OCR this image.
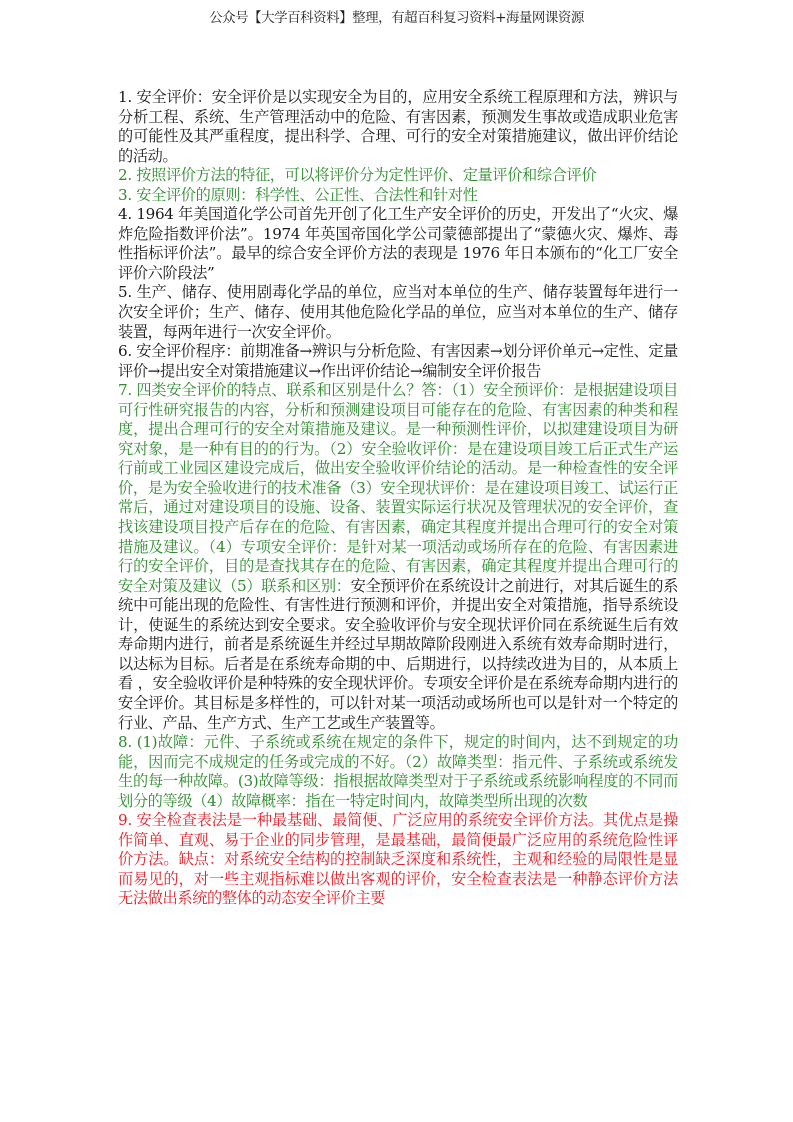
公众号【大学百科资料】整理，有超百科复习资料+海量网课资源

1. 安全评价：安全评价是以实现安全为目的，应用安全系统工程原理和方法，辨识与分析工程、系统、生产管理活动中的危险、有害因素，预测发生事故或造成职业危害的可能性及其严重程度，提出科学、合理、可行的安全对策措施建议，做出评价结论的活动。

2. 按照评价方法的特征，可以将评价分为定性评价、定量评价和综合评价

3. 安全评价的原则：科学性、公正性、合法性和针对性

4. 1964 年美国道化学公司首先开创了化工生产安全评价的历史，开发出了“火灾、爆炸危险指数评价法”。1974 年英国帝国化学公司蒙德部提出了“蒙德火灾、爆炸、毒性指标评价法”。最早的综合安全评价方法的表现是 1976 年日本颁布的“化工厂安全评价六阶段法”

5. 生产、储存、使用剧毒化学品的单位，应当对本单位的生产、储存装置每年进行一次安全评价；生产、储存、使用其他危险化学品的单位，应当对本单位的生产、储存装置，每两年进行一次安全评价。

6. 安全评价程序：前期准备→辨识与分析危险、有害因素→划分评价单元→定性、定量评价→提出安全对策措施建议→作出评价结论→编制安全评价报告

7. 四类安全评价的特点、联系和区别是什么？答：（1）安全预评价：是根据建设项目可行性研究报告的内容，分析和预测建设项目可能存在的危险、有害因素的种类和程度，提出合理可行的安全对策措施及建议。是一种预测性评价，以拟建建设项目为研究对象，是一种有目的的行为。（2）安全验收评价：是在建设项目竣工后正式生产运行前或工业园区建设完成后，做出安全验收评价结论的活动。是一种检查性的安全评价，是为安全验收进行的技术准备（3）安全现状评价：是在建设项目竣工、试运行正常后，通过对建设项目的设施、设备、装置实际运行状况及管理状况的安全评价，查找该建设项目投产后存在的危险、有害因素，确定其程度并提出合理可行的安全对策措施及建议。（4）专项安全评价：是针对某一项活动或场所存在的危险、有害因素进行的安全评价，目的是查找其存在的危险、有害因素，确定其程度并提出合理可行的安全对策及建议（5）联系和区别：安全预评价在系统设计之前进行，对其后诞生的系统中可能出现的危险性、有害性进行预测和评价，并提出安全对策措施，指导系统设计，使诞生的系统达到安全要求。安全验收评价与安全现状评价同在系统诞生后有效 寿命期内进行，前者是系统诞生并经过早期故障阶段刚进入系统有效寿命期时进行，以达标为目标。后者是在系统寿命期的中、后期进行，以持续改进为目的，从本质上看 ，安全验收评价是种特殊的安全现状评价。专项安全评价是在系统寿命期内进行的安全评价。其目标是多样性的，可以针对某一项活动或场所也可以是针对一个特定的行业、产品、生产方式、生产工艺或生产装置等。

8. (1)故障：元件、子系统或系统在规定的条件下，规定的时间内，达不到规定的功能，因而完不成规定的任务或完成的不好。（2）故障类型：指元件、子系统或系统发生的每一种故障。(3)故障等级：指根据故障类型对于子系统或系统影响程度的不同而划分的等级（4）故障概率：指在一特定时间内，故障类型所出现的次数

9. 安全检查表法是一种最基础、最简便、广泛应用的系统安全评价方法。其优点是操作简单、直观、易于企业的同步管理，是最基础，最简便最广泛应用的系统危险性评价方法。缺点：对系统安全结构的控制缺乏深度和系统性，主观和经验的局限性是显而易见的，对一些主观指标难以做出客观的评价，安全检查表法是一种静态评价方法无法做出系统的整体的动态安全评价主要
